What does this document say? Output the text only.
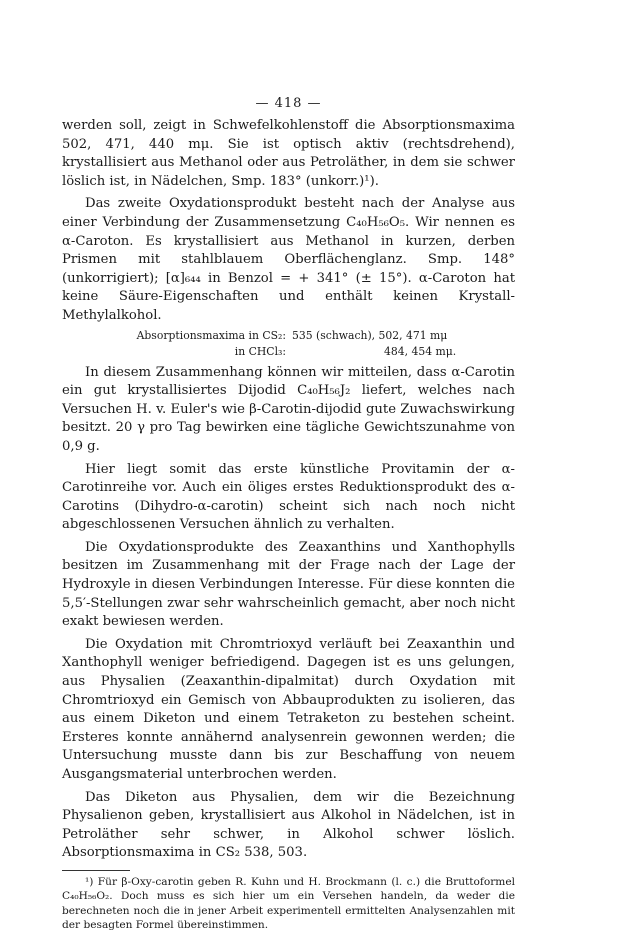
— 418 —

werden soll, zeigt in Schwefelkohlenstoff die Absorptionsmaxima 502, 471, 440 mμ. Sie ist optisch aktiv (rechtsdrehend), krystallisiert aus Methanol oder aus Petroläther, in dem sie schwer löslich ist, in Nädelchen, Smp. 183° (unkorr.)¹).

Das zweite Oxydationsprodukt besteht nach der Analyse aus einer Verbindung der Zusammensetzung C₄₀H₅₆O₅. Wir nennen es α-Caroton. Es krystallisiert aus Methanol in kurzen, derben Prismen mit stahlblauem Oberflächenglanz. Smp. 148° (unkorrigiert); [α]₆₄₄ in Benzol = + 341° (± 15°). α-Caroton hat keine Säure-Eigenschaften und enthält keinen Krystall-Methylalkohol.

Absorptionsmaxima in CS₂: 535 (schwach), 502, 471 mμ
in CHCl₃:	484, 454 mμ.

In diesem Zusammenhang können wir mitteilen, dass α-Carotin ein gut krystallisiertes Dijodid C₄₀H₅₆J₂ liefert, welches nach Versuchen H. v. Euler's wie β-Carotin-dijodid gute Zuwachswirkung besitzt. 20 γ pro Tag bewirken eine tägliche Gewichtszunahme von 0,9 g.

Hier liegt somit das erste künstliche Provitamin der α-Carotinreihe vor. Auch ein öliges erstes Reduktionsprodukt des α-Carotins (Dihydro-α-carotin) scheint sich nach noch nicht abgeschlossenen Versuchen ähnlich zu verhalten.

Die Oxydationsprodukte des Zeaxanthins und Xanthophylls besitzen im Zusammenhang mit der Frage nach der Lage der Hydroxyle in diesen Verbindungen Interesse. Für diese konnten die 5,5′-Stellungen zwar sehr wahrscheinlich gemacht, aber noch nicht exakt bewiesen werden.

Die Oxydation mit Chromtrioxyd verläuft bei Zeaxanthin und Xanthophyll weniger befriedigend. Dagegen ist es uns gelungen, aus Physalien (Zeaxanthin-dipalmitat) durch Oxydation mit Chromtrioxyd ein Gemisch von Abbauprodukten zu isolieren, das aus einem Diketon und einem Tetraketon zu bestehen scheint. Ersteres konnte annähernd analysenrein gewonnen werden; die Untersuchung musste dann bis zur Beschaffung von neuem Ausgangsmaterial unterbrochen werden.

Das Diketon aus Physalien, dem wir die Bezeichnung Physalienon geben, krystallisiert aus Alkohol in Nädelchen, ist in Petroläther sehr schwer, in Alkohol schwer löslich. Absorptionsmaxima in CS₂ 538, 503.

¹) Für β-Oxy-carotin geben R. Kuhn und H. Brockmann (l. c.) die Bruttoformel C₄₀H₅₆O₂. Doch muss es sich hier um ein Versehen handeln, da weder die berechneten noch die in jener Arbeit experimentell ermittelten Analysenzahlen mit der besagten Formel übereinstimmen.
